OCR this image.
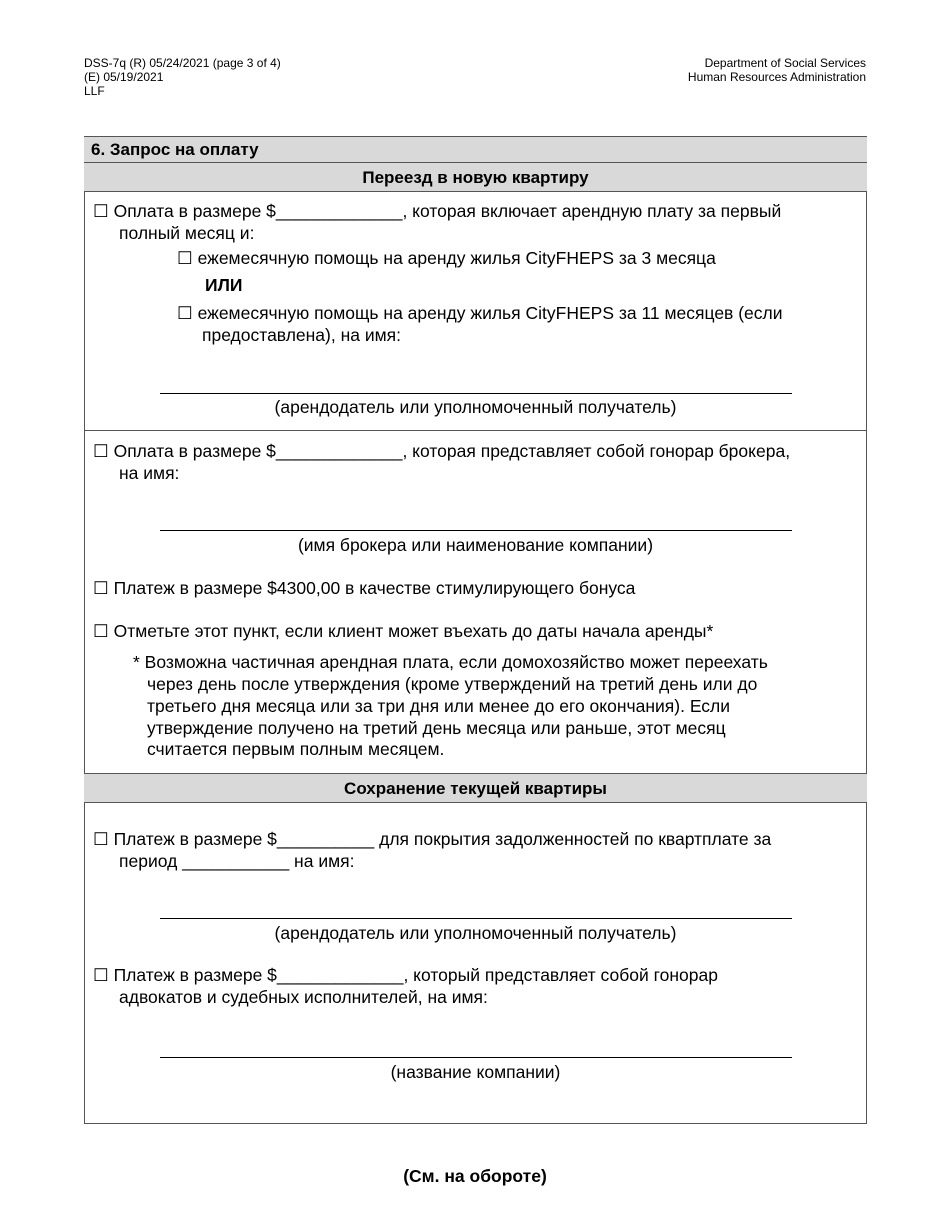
DSS-7q (R) 05/24/2021 (page 3 of 4)
(E) 05/19/2021
LLF
Department of Social Services
Human Resources Administration
6. Запрос на оплату
Переезд в новую квартиру
☐ Оплата в размере $_____________, которая включает арендную плату за первый
полный месяц и:
☐ ежемесячную помощь на аренду жилья CityFHEPS за 3 месяца
ИЛИ
☐ ежемесячную помощь на аренду жилья CityFHEPS за 11 месяцев (если
предоставлена), на имя:
(арендодатель или уполномоченный получатель)
☐ Оплата в размере $_____________, которая представляет собой гонорар брокера,
на имя:
(имя брокера или наименование компании)
☐ Платеж в размере $4300,00 в качестве стимулирующего бонуса
☐ Отметьте этот пункт, если клиент может въехать до даты начала аренды*
* Возможна частичная арендная плата, если домохозяйство может переехать
через день после утверждения (кроме утверждений на третий день или до
третьего дня месяца или за три дня или менее до его окончания). Если
утверждение получено на третий день месяца или раньше, этот месяц
считается первым полным месяцем.
Сохранение текущей квартиры
☐ Платеж в размере $__________ для покрытия задолженностей по квартплате за
период ___________ на имя:
(арендодатель или уполномоченный получатель)
☐ Платеж в размере $_____________, который представляет собой гонорар
адвокатов и судебных исполнителей, на имя:
(название компании)
(См. на обороте)
